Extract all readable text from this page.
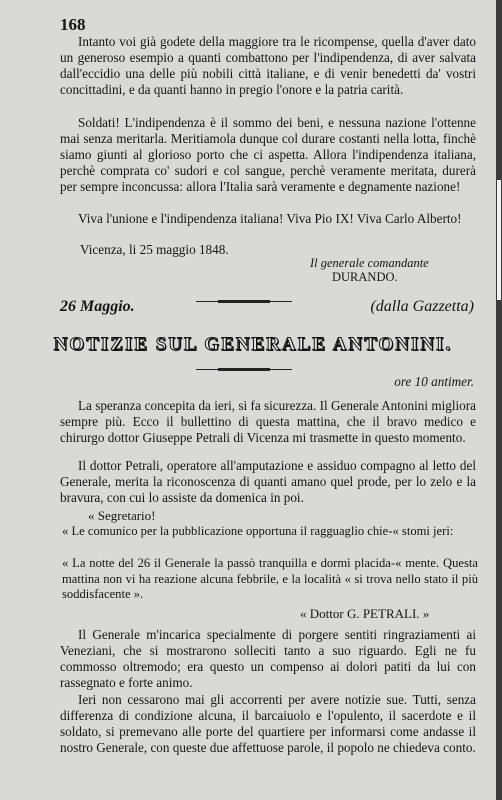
168

Intanto voi già godete della maggiore tra le ricompense, quella d'aver dato un generoso esempio a quanti combattono per l'indipendenza, di aver salvata dall'eccidio una delle più nobili città italiane, e di venir benedetti da' vostri concittadini, e da quanti hanno in pregio l'onore e la patria carità.

Soldati! L'indipendenza è il sommo dei beni, e nessuna nazione l'ottenne mai senza meritarla. Meritiamola dunque col durare costanti nella lotta, finchè siamo giunti al glorioso porto che ci aspetta. Allora l'indipendenza italiana, perchè comprata co' sudori e col sangue, perchè veramente meritata, durerà per sempre inconcussa: allora l'Italia sarà veramente e degnamente nazione!

Viva l'unione e l'indipendenza italiana! Viva Pio IX! Viva Carlo Alberto!

Vicenza, li 25 maggio 1848.
Il generale comandante
DURANDO.
26 Maggio.	(dalla Gazzetta)
NOTIZIE SUL GENERALE ANTONINI.
ore 10 antimer.

La speranza concepita da ieri, si fa sicurezza. Il Generale Antonini migliora sempre più. Ecco il bullettino di questa mattina, che il bravo medico e chirurgo dottor Giuseppe Petrali di Vicenza mi trasmette in questo momento.

Il dottor Petrali, operatore all'amputazione e assiduo compagno al letto del Generale, merita la riconoscenza di quanti amano quel prode, per lo zelo e la bravura, con cui lo assiste da domenica in poi.

« Segretario!

« Le comunico per la pubblicazione opportuna il ragguaglio chie-« stomi jeri:

« La notte del 26 il Generale la passò tranquilla e dormì placida-« mente. Questa mattina non vi ha reazione alcuna febbrile, e la località « si trova nello stato il più soddisfacente ».

« Dottor G. PETRALI. »

Il Generale m'incarica specialmente di porgere sentiti ringraziamenti ai Veneziani, che si mostrarono solleciti tanto a suo riguardo. Egli ne fu commosso oltremodo; era questo un compenso ai dolori patiti da lui con rassegnato e forte animo.

Ieri non cessarono mai gli accorrenti per avere notizie sue. Tutti, senza differenza di condizione alcuna, il barcaiuolo e l'opulento, il sacerdote e il soldato, si premevano alle porte del quartiere per informarsi come andasse il nostro Generale, con queste due affettuose parole, il popolo ne chiedeva conto.
